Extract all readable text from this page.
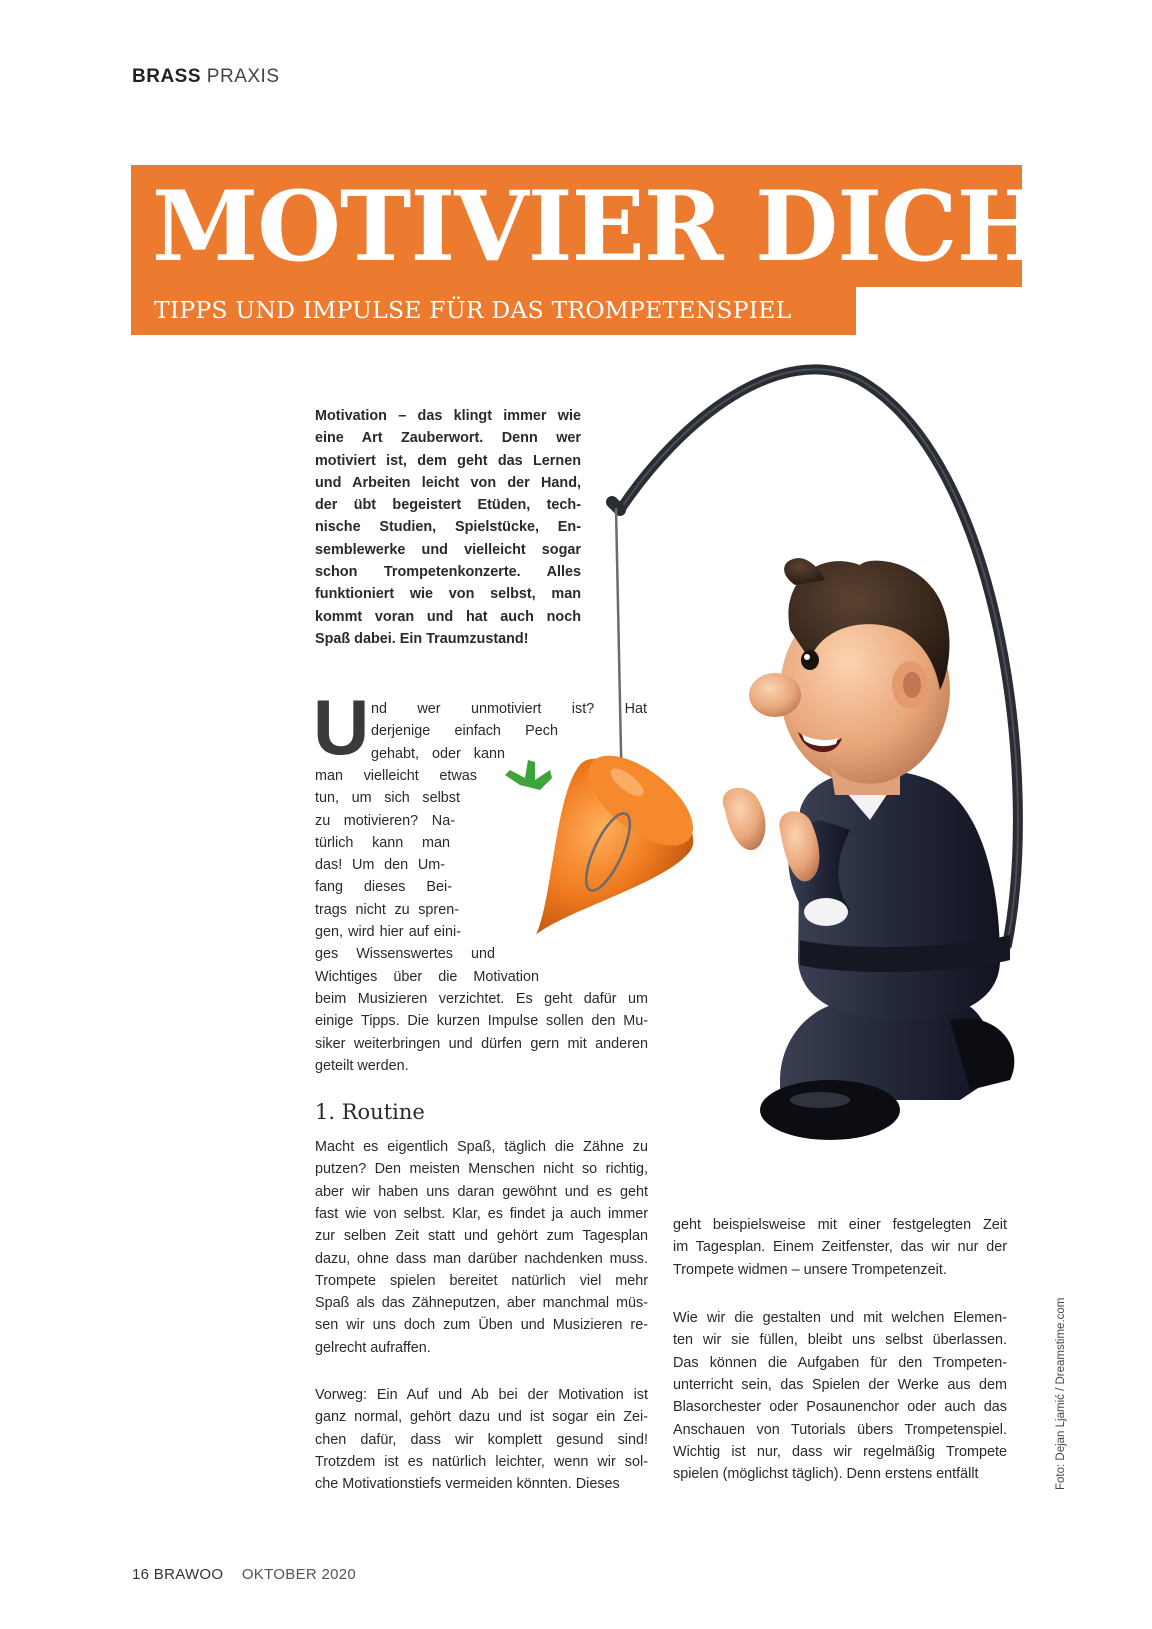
BRASS PRAXIS
MOTIVIER DICH!
TIPPS UND IMPULSE FÜR DAS TROMPETENSPIEL
Motivation – das klingt immer wie
eine Art Zauberwort. Denn wer
motiviert ist, dem geht das Lernen
und Arbeiten leicht von der Hand,
der übt begeistert Etüden, tech-
nische Studien, Spielstücke, En-
semblewerke und vielleicht sogar
schon Trompetenkonzerte. Alles
funktioniert wie von selbst, man
kommt voran und hat auch noch
Spaß dabei. Ein Traumzustand!
U nd wer unmotiviert ist? Hat
derjenige einfach Pech
gehabt, oder kann
man vielleicht etwas
tun, um sich selbst
zu motivieren? Na-
türlich kann man
das! Um den Um-
fang dieses Bei-
trags nicht zu spren-
gen, wird hier auf eini-
ges Wissenswertes und
Wichtiges über die Motivation
beim Musizieren verzichtet. Es geht dafür um
einige Tipps. Die kurzen Impulse sollen den Mu-
siker weiterbringen und dürfen gern mit anderen
geteilt werden.
Macht es eigentlich Spaß, täglich die Zähne zu
putzen? Den meisten Menschen nicht so richtig,
aber wir haben uns daran gewöhnt und es geht
fast wie von selbst. Klar, es findet ja auch immer
zur selben Zeit statt und gehört zum Tagesplan
dazu, ohne dass man darüber nachdenken muss.
Trompete spielen bereitet natürlich viel mehr
Spaß als das Zähneputzen, aber manchmal müs-
sen wir uns doch zum Üben und Musizieren re-
gelrecht aufraffen.
Vorweg: Ein Auf und Ab bei der Motivation ist
ganz normal, gehört dazu und ist sogar ein Zei-
chen dafür, dass wir komplett gesund sind!
Trotzdem ist es natürlich leichter, wenn wir sol-
che Motivationstiefs vermeiden könnten. Dieses
geht beispielsweise mit einer festgelegten Zeit
im Tagesplan. Einem Zeitfenster, das wir nur der
Trompete widmen – unsere Trompetenzeit.
Wie wir die gestalten und mit welchen Elemen-
ten wir sie füllen, bleibt uns selbst überlassen.
Das können die Aufgaben für den Trompeten-
unterricht sein, das Spielen der Werke aus dem
Blasorchester oder Posaunenchor oder auch das
Anschauen von Tutorials übers Trompetenspiel.
Wichtig ist nur, dass wir regelmäßig Trompete
spielen (möglichst täglich). Denn erstens entfällt
1. Routine
Foto: Dejan Ljamić / Dreamstime.com
16 BRAWOO OKTOBER 2020
